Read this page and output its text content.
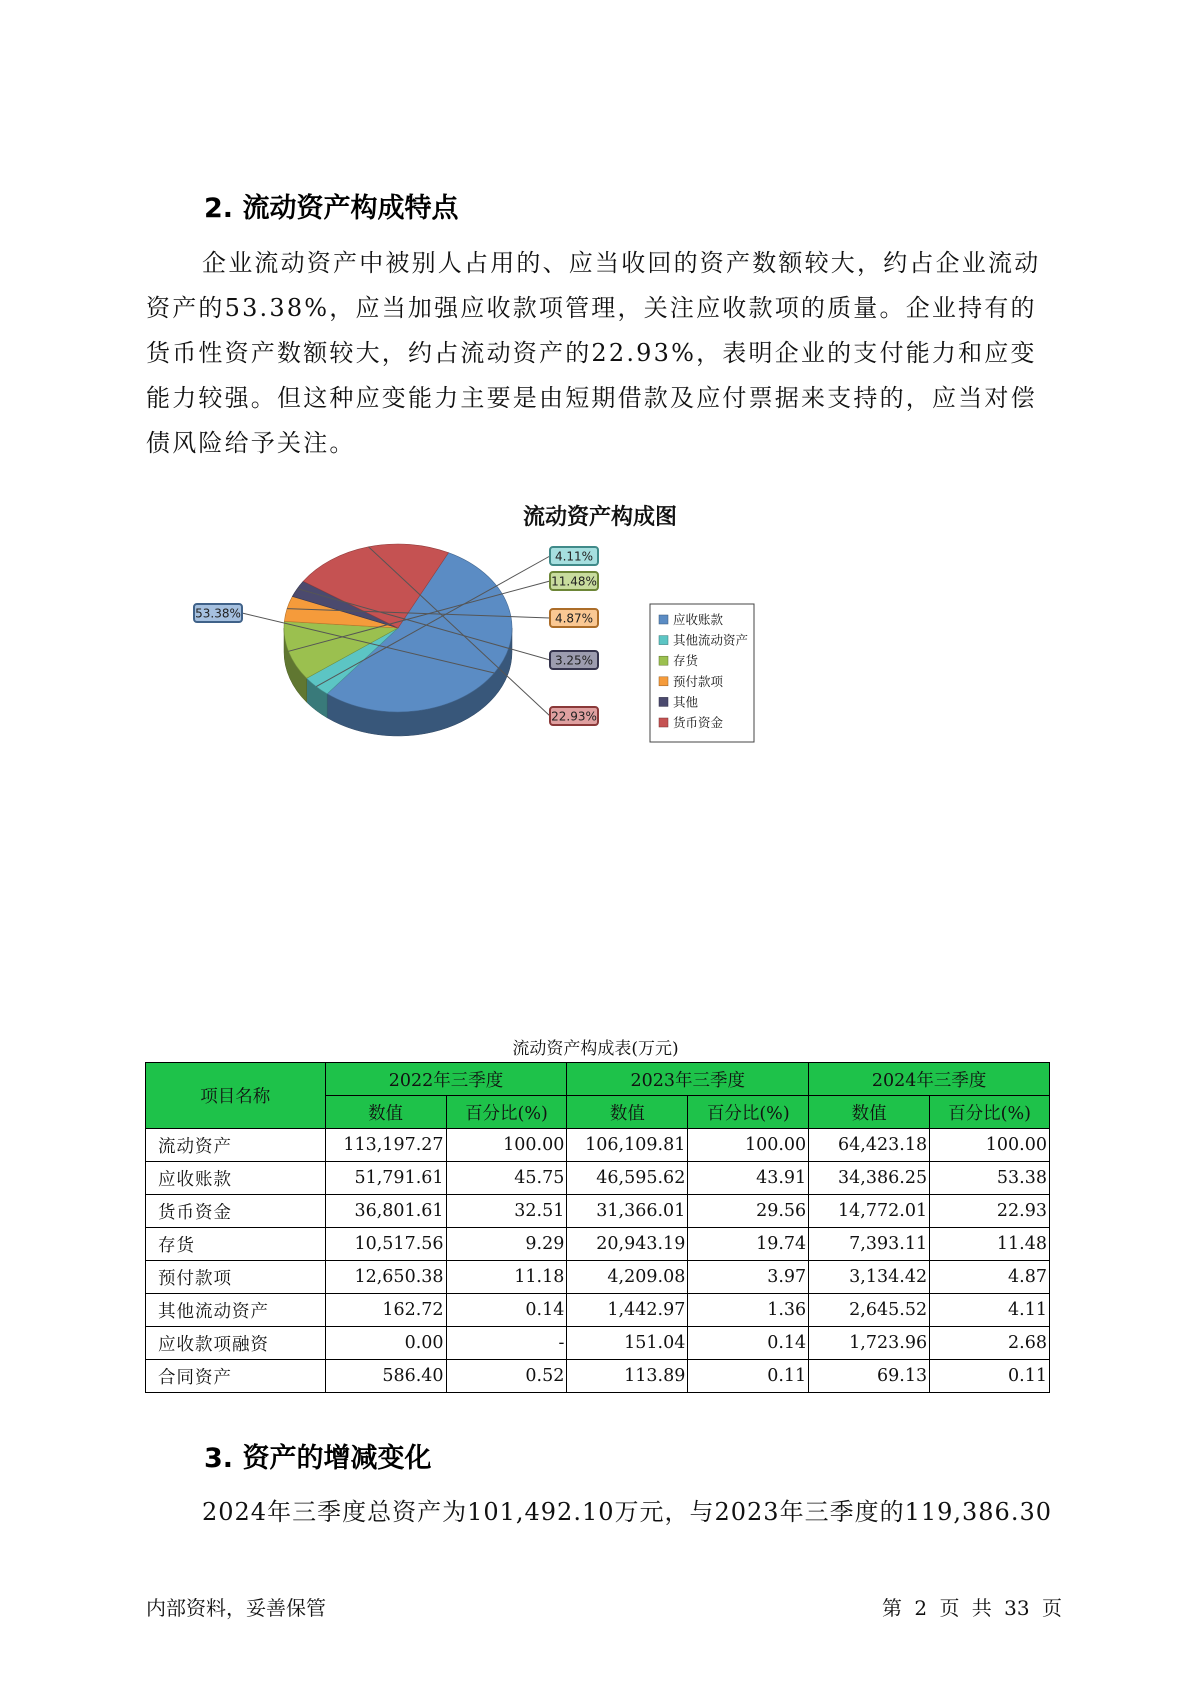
2. 流动资产构成特点

企业流动资产中被别人占用的、应当收回的资产数额较大，约占企业流动资产的53.38%，应当加强应收款项管理，关注应收款项的质量。企业持有的货币性资产数额较大，约占流动资产的22.93%，表明企业的支付能力和应变能力较强。但这种应变能力主要是由短期借款及应付票据来支持的，应当对偿债风险给予关注。

流动资产构成图
53.38%
4.11%
11.48%
4.87%
3.25%
22.93%
应收账款
其他流动资产
存货
预付款项
其他
货币资金
流动资产构成表(万元)
项目名称	2022年三季度		2023年三季度		2024年三季度	
	数值	百分比(%)	数值	百分比(%)	数值	百分比(%)
流动资产	113,197.27	100.00	106,109.81	100.00	64,423.18	100.00
应收账款	51,791.61	45.75	46,595.62	43.91	34,386.25	53.38
货币资金	36,801.61	32.51	31,366.01	29.56	14,772.01	22.93
存货	10,517.56	9.29	20,943.19	19.74	7,393.11	11.48
预付款项	12,650.38	11.18	4,209.08	3.97	3,134.42	4.87
其他流动资产	162.72	0.14	1,442.97	1.36	2,645.52	4.11
应收款项融资	0.00	-	151.04	0.14	1,723.96	2.68
合同资产	586.40	0.52	113.89	0.11	69.13	0.11
3. 资产的增减变化

2024年三季度总资产为101,492.10万元，与2023年三季度的119,386.30

内部资料，妥善保管	第 2 页 共 33 页
